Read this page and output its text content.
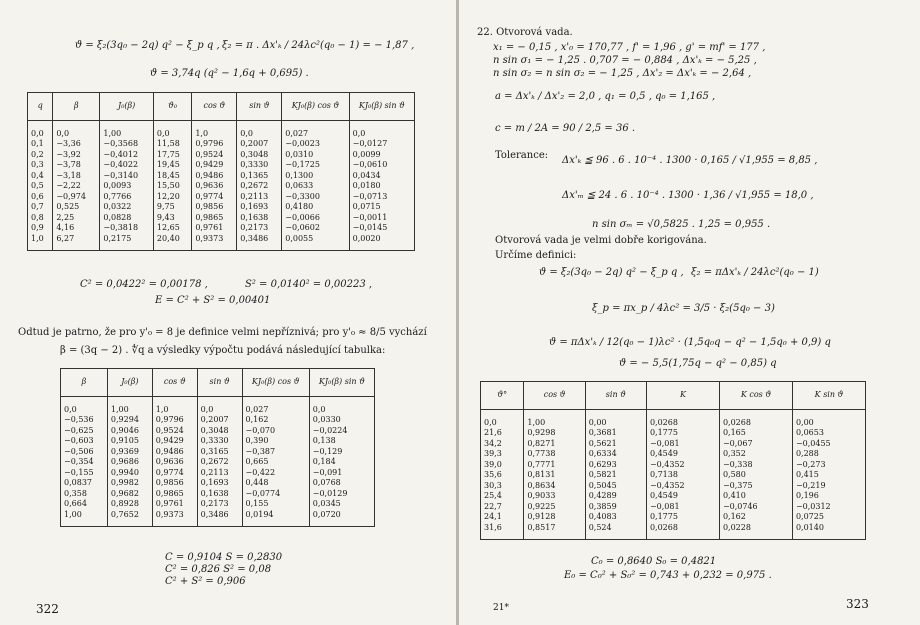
ϑ = ξ₂(3q₀ − 2q) q² − ξ_p q , ξ₂ = π . Δx'ₖ / 24λc²(q₀ − 1) = − 1,87 ,
ϑ = 3,74q (q² − 1,6q + 0,695) .
q	β	J₀(β)	ϑ₀	cos ϑ	sin ϑ	KJ₀(β) cos ϑ	KJ₀(β) sin ϑ
0,0	0,0	1,00	0,0	1,0	0,0	0,027	0,0
0,1	−3,36	−0,3568	11,58	0,9796	0,2007	−0,0023	−0,0127
0,2	−3,92	−0,4012	17,75	0,9524	0,3048	0,0310	0,0099
0,3	−3,78	−0,4022	19,45	0,9429	0,3330	−0,1725	−0,0610
0,4	−3,18	−0,3140	18,45	0,9486	0,1365	0,1300	0,0434
0,5	−2,22	0,0093	15,50	0,9636	0,2672	0,0633	0,0180
0,6	−0,974	0,7766	12,20	0,9774	0,2113	−0,3300	−0,0713
0,7	0,525	0,0322	9,75	0,9856	0,1693	0,4180	0,0715
0,8	2,25	0,0828	9,43	0,9865	0,1638	−0,0066	−0,0011
0,9	4,16	−0,3818	12,65	0,9761	0,2173	−0,0602	−0,0145
1,0	6,27	0,2175	20,40	0,9373	0,3486	0,0055	0,0020
C² = 0,0422² = 0,00178 ,	S² = 0,0140² = 0,00223 ,
E = C² + S² = 0,00401
Odtud je patrno, že pro y'₀ = 8 je definice velmi nepříznivá; pro y'₀ ≈ 8/5 vychází
β = (3q − 2) . ∜q a výsledky výpočtu podává následující tabulka:
β	J₀(β)	cos ϑ	sin ϑ	KJ₀(β) cos ϑ	KJ₀(β) sin ϑ
0,0	1,00	1,0	0,0	0,027	0,0
−0,536	0,9294	0,9796	0,2007	0,162	0,0330
−0,625	0,9046	0,9524	0,3048	−0,070	−0,0224
−0,603	0,9105	0,9429	0,3330	0,390	0,138
−0,506	0,9369	0,9486	0,3165	−0,387	−0,129
−0,354	0,9686	0,9636	0,2672	0,665	0,184
−0,155	0,9940	0,9774	0,2113	−0,422	−0,091
0,0837	0,9982	0,9856	0,1693	0,448	0,0768
0,358	0,9682	0,9865	0,1638	−0,0774	−0,0129
0,664	0,8928	0,9761	0,2173	0,155	0,0345
1,00	0,7652	0,9373	0,3486	0,0194	0,0720
C = 0,9104 S = 0,2830
C² = 0,826 S² = 0,08
C² + S² = 0,906
322
22. Otvorová vada.
x₁ = − 0,15 , x'₀ = 170,77 , f' = 1,96 , g' = mf' = 177 ,
n sin σ₁ = − 1,25 . 0,707 = − 0,884 , Δx'ₖ = − 5,25 ,
n sin σ₂ = n sin σ₂ = − 1,25 , Δx'₂ = Δx'ₖ = − 2,64 ,
a = Δx'ₖ / Δx'₂ = 2,0 , q₁ = 0,5 , q₀ = 1,165 ,
c = m / 2A = 90 / 2,5 = 36 .
Tolerance: Δx'ₖ ≦ 96 . 6 . 10⁻⁴ . 1300 · 0,165 / √1,955 = 8,85 ,
Δx'ₘ ≦ 24 . 6 . 10⁻⁴ . 1300 · 1,36 / √1,955 = 18,0 ,
n sin σₘ = √0,5825 . 1,25 = 0,955 .
Otvorová vada je velmi dobře korigována.
Určíme definici:
ϑ = ξ₂(3q₀ − 2q) q² − ξ_p q , ξ₂ = πΔx'ₖ / 24λc²(q₀ − 1)
ξ_p = πx_p / 4λc² = 3/5 · ξ₂(5q₀ − 3)
ϑ = πΔx'ₖ / 12(q₀ − 1)λc² · (1,5q₀q − q² − 1,5q₀ + 0,9) q
ϑ = − 5,5(1,75q − q² − 0,85) q
ϑ°	cos ϑ	sin ϑ	K	K cos ϑ	K sin ϑ
0,0	1,00	0,00	0,0268	0,0268	0,00
21,6	0,9298	0,3681	0,1775	0,165	0,0653
34,2	0,8271	0,5621	−0,081	−0,067	−0,0455
39,3	0,7738	0,6334	0,4549	0,352	0,288
39,0	0,7771	0,6293	−0,4352	−0,338	−0,273
35,6	0,8131	0,5821	0,7138	0,580	0,415
30,3	0,8634	0,5045	−0,4352	−0,375	−0,219
25,4	0,9033	0,4289	0,4549	0,410	0,196
22,7	0,9225	0,3859	−0,081	−0,0746	−0,0312
24,1	0,9128	0,4083	0,1775	0,162	0,0725
31,6	0,8517	0,524	0,0268	0,0228	0,0140
C₀ = 0,8640 S₀ = 0,4821
E₀ = C₀² + S₀² = 0,743 + 0,232 = 0,975 .
21*	323
